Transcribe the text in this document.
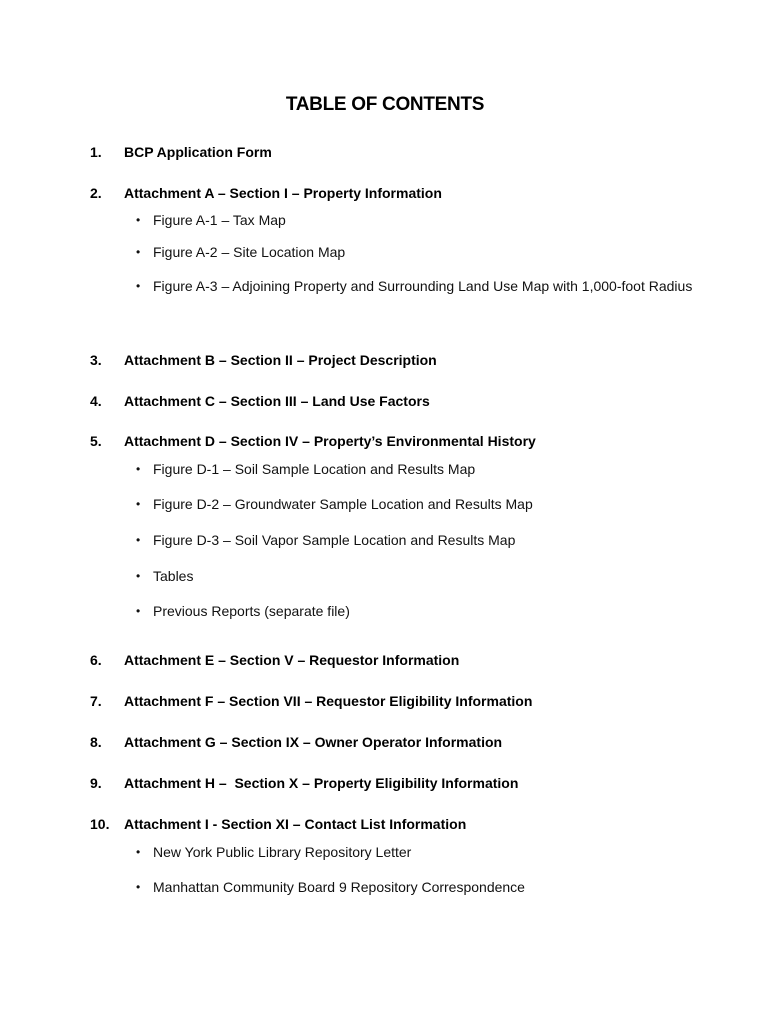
TABLE OF CONTENTS
1. BCP Application Form
2. Attachment A – Section I – Property Information
• Figure A-1 – Tax Map
• Figure A-2 – Site Location Map
• Figure A-3 – Adjoining Property and Surrounding Land Use Map with 1,000-foot Radius
3. Attachment B – Section II – Project Description
4. Attachment C – Section III – Land Use Factors
5. Attachment D – Section IV – Property’s Environmental History
• Figure D-1 – Soil Sample Location and Results Map
• Figure D-2 – Groundwater Sample Location and Results Map
• Figure D-3 – Soil Vapor Sample Location and Results Map
• Tables
• Previous Reports (separate file)
6. Attachment E – Section V – Requestor Information
7. Attachment F – Section VII – Requestor Eligibility Information
8. Attachment G – Section IX – Owner Operator Information
9. Attachment H –  Section X – Property Eligibility Information
10. Attachment I - Section XI – Contact List Information
• New York Public Library Repository Letter
• Manhattan Community Board 9 Repository Correspondence
